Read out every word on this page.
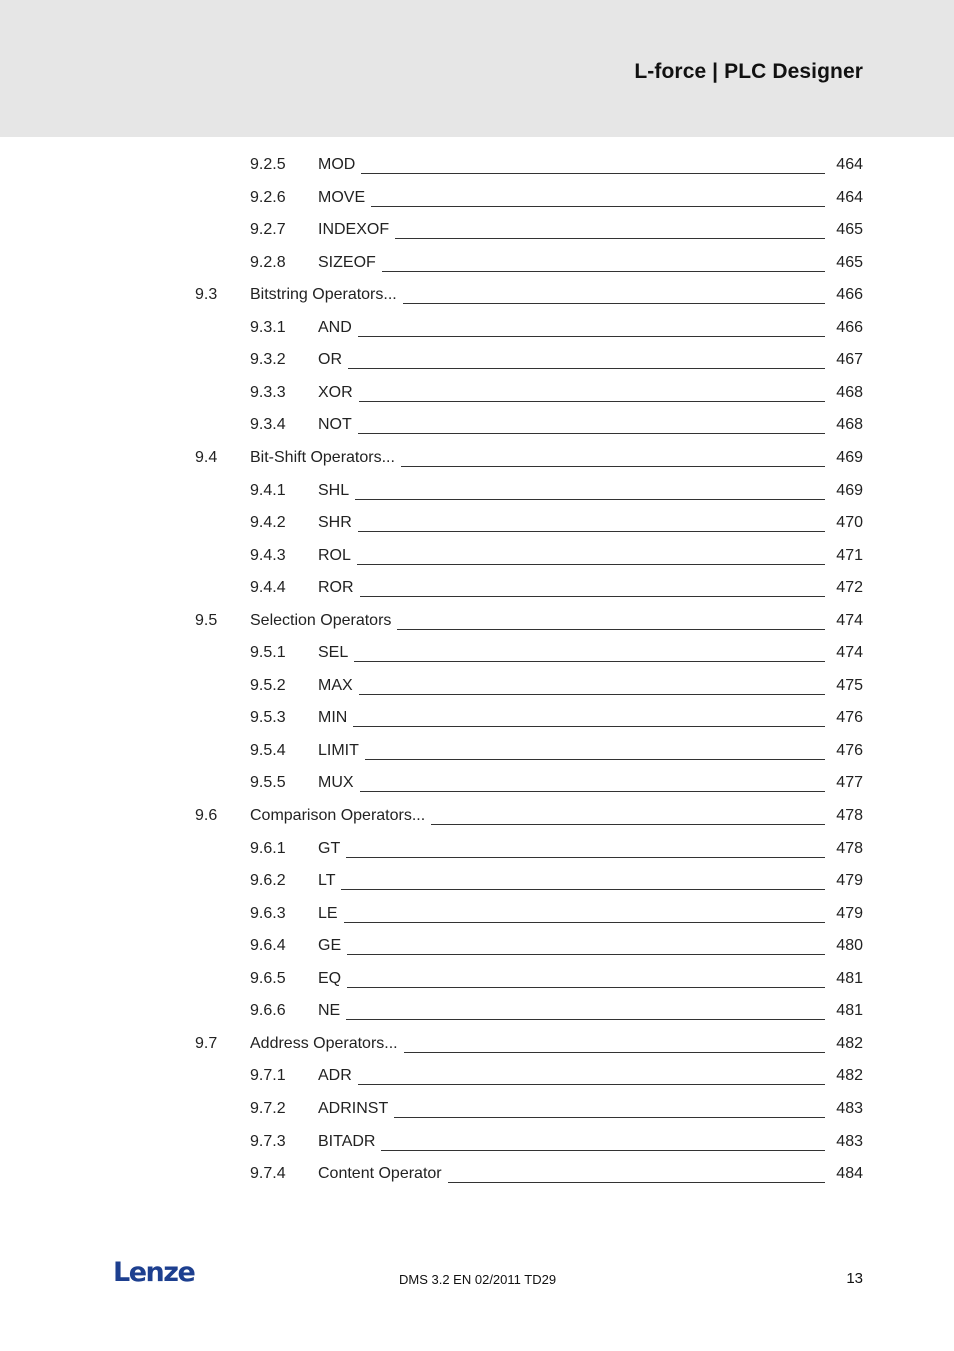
L-force | PLC Designer
9.2.5 MOD	464
9.2.6 MOVE	464
9.2.7 INDEXOF	465
9.2.8 SIZEOF	465
9.3 Bitstring Operators...	466
9.3.1 AND	466
9.3.2 OR	467
9.3.3 XOR	468
9.3.4 NOT	468
9.4 Bit-Shift Operators...	469
9.4.1 SHL	469
9.4.2 SHR	470
9.4.3 ROL	471
9.4.4 ROR	472
9.5 Selection Operators	474
9.5.1 SEL	474
9.5.2 MAX	475
9.5.3 MIN	476
9.5.4 LIMIT	476
9.5.5 MUX	477
9.6 Comparison Operators...	478
9.6.1 GT	478
9.6.2 LT	479
9.6.3 LE	479
9.6.4 GE	480
9.6.5 EQ	481
9.6.6 NE	481
9.7 Address Operators...	482
9.7.1 ADR	482
9.7.2 ADRINST	483
9.7.3 BITADR	483
9.7.4 Content Operator	484
Lenze	DMS 3.2 EN 02/2011 TD29	13
